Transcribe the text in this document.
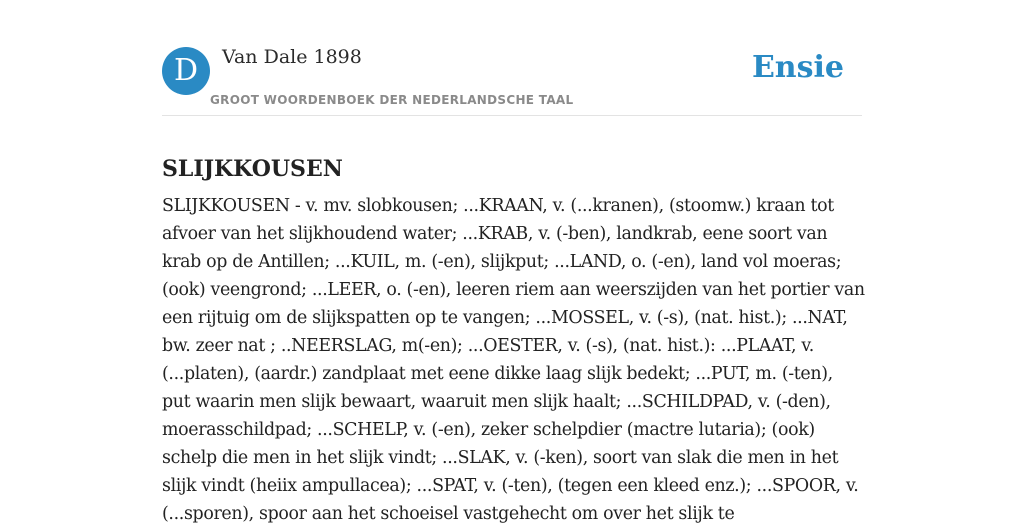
D	Van Dale 1898
GROOT WOORDENBOEK DER NEDERLANDSCHE TAAL
Ensie
SLIJKKOUSEN

SLIJKKOUSEN - v. mv. slobkousen; ...KRAAN, v. (...kranen), (stoomw.) kraan tot afvoer van het slijkhoudend water; ...KRAB, v. (-ben), landkrab, eene soort van krab op de Antillen; ...KUIL, m. (-en), slijkput; ...LAND, o. (-en), land vol moeras; (ook) veengrond; ...LEER, o. (-en), leeren riem aan weerszijden van het portier van een rijtuig om de slijkspatten op te vangen; ...MOSSEL, v. (-s), (nat. hist.); ...NAT, bw. zeer nat ; ..NEERSLAG, m(-en); ...OESTER, v. (-s), (nat. hist.): ...PLAAT, v. (...platen), (aardr.) zandplaat met eene dikke laag slijk bedekt; ...PUT, m. (-ten), put waarin men slijk bewaart, waaruit men slijk haalt; ...SCHILDPAD, v. (-den), moerasschildpad; ...SCHELP, v. (-en), zeker schelpdier (mactre lutaria); (ook) schelp die men in het slijk vindt; ...SLAK, v. (-ken), soort van slak die men in het slijk vindt (heiix ampullacea); ...SPAT, v. (-ten), (tegen een kleed enz.); ...SPOOR, v. (...sporen), spoor aan het schoeisel vastgehecht om over het slijk te
